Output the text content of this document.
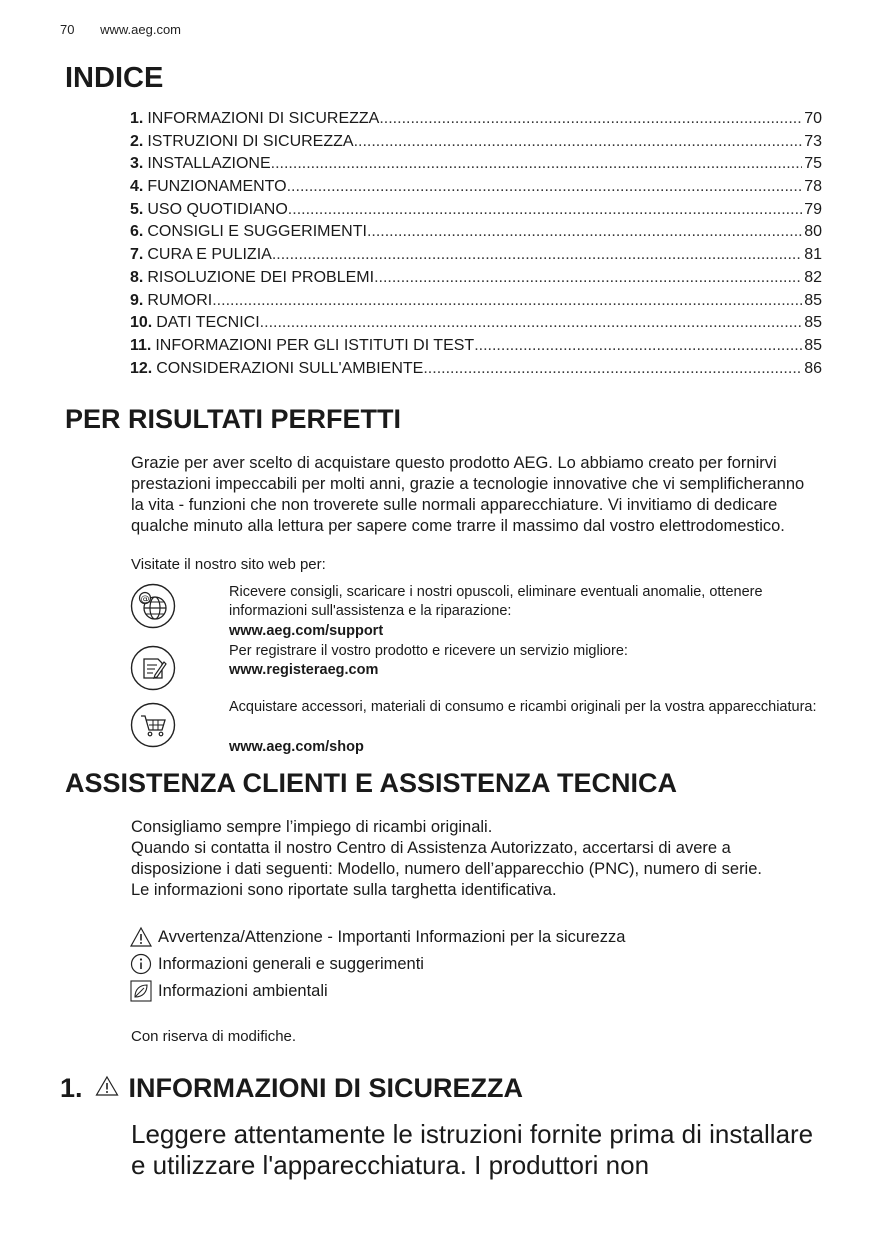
70 www.aeg.com
INDICE
1. INFORMAZIONI DI SICUREZZA .....	70
2. ISTRUZIONI DI SICUREZZA .....	73
3. INSTALLAZIONE .....	75
4. FUNZIONAMENTO .....	78
5. USO QUOTIDIANO .....	79
6. CONSIGLI E SUGGERIMENTI .....	80
7. CURA E PULIZIA .....	81
8. RISOLUZIONE DEI PROBLEMI .....	82
9. RUMORI .....	85
10. DATI TECNICI .....	85
11. INFORMAZIONI PER GLI ISTITUTI DI TEST .....	85
12. CONSIDERAZIONI SULL'AMBIENTE .....	86
PER RISULTATI PERFETTI

Grazie per aver scelto di acquistare questo prodotto AEG. Lo abbiamo creato per fornirvi prestazioni impeccabili per molti anni, grazie a tecnologie innovative che vi semplificheranno la vita - funzioni che non troverete sulle normali apparecchiature. Vi invitiamo di dedicare qualche minuto alla lettura per sapere come trarre il massimo dal vostro elettrodomestico.

Visitate il nostro sito web per:

@	Ricevere consigli, scaricare i nostri opuscoli, eliminare eventuali anomalie, ottenere informazioni sull'assistenza e la riparazione:

www.aeg.com/support

Per registrare il vostro prodotto e ricevere un servizio migliore:

www.registeraeg.com

Acquistare accessori, materiali di consumo e ricambi originali per la vostra apparecchiatura:

www.aeg.com/shop

ASSISTENZA CLIENTI E ASSISTENZA TECNICA

Consigliamo sempre l’impiego di ricambi originali.
Quando si contatta il nostro Centro di Assistenza Autorizzato, accertarsi di avere a disposizione i dati seguenti: Modello, numero dell’apparecchio (PNC), numero di serie.
Le informazioni sono riportate sulla targhetta identificativa.

Avvertenza/Attenzione - Importanti Informazioni per la sicurezza

Informazioni generali e suggerimenti

Informazioni ambientali

Con riserva di modifiche.

1. INFORMAZIONI DI SICUREZZA

Leggere attentamente le istruzioni fornite prima di installare e utilizzare l'apparecchiatura. I produttori non
